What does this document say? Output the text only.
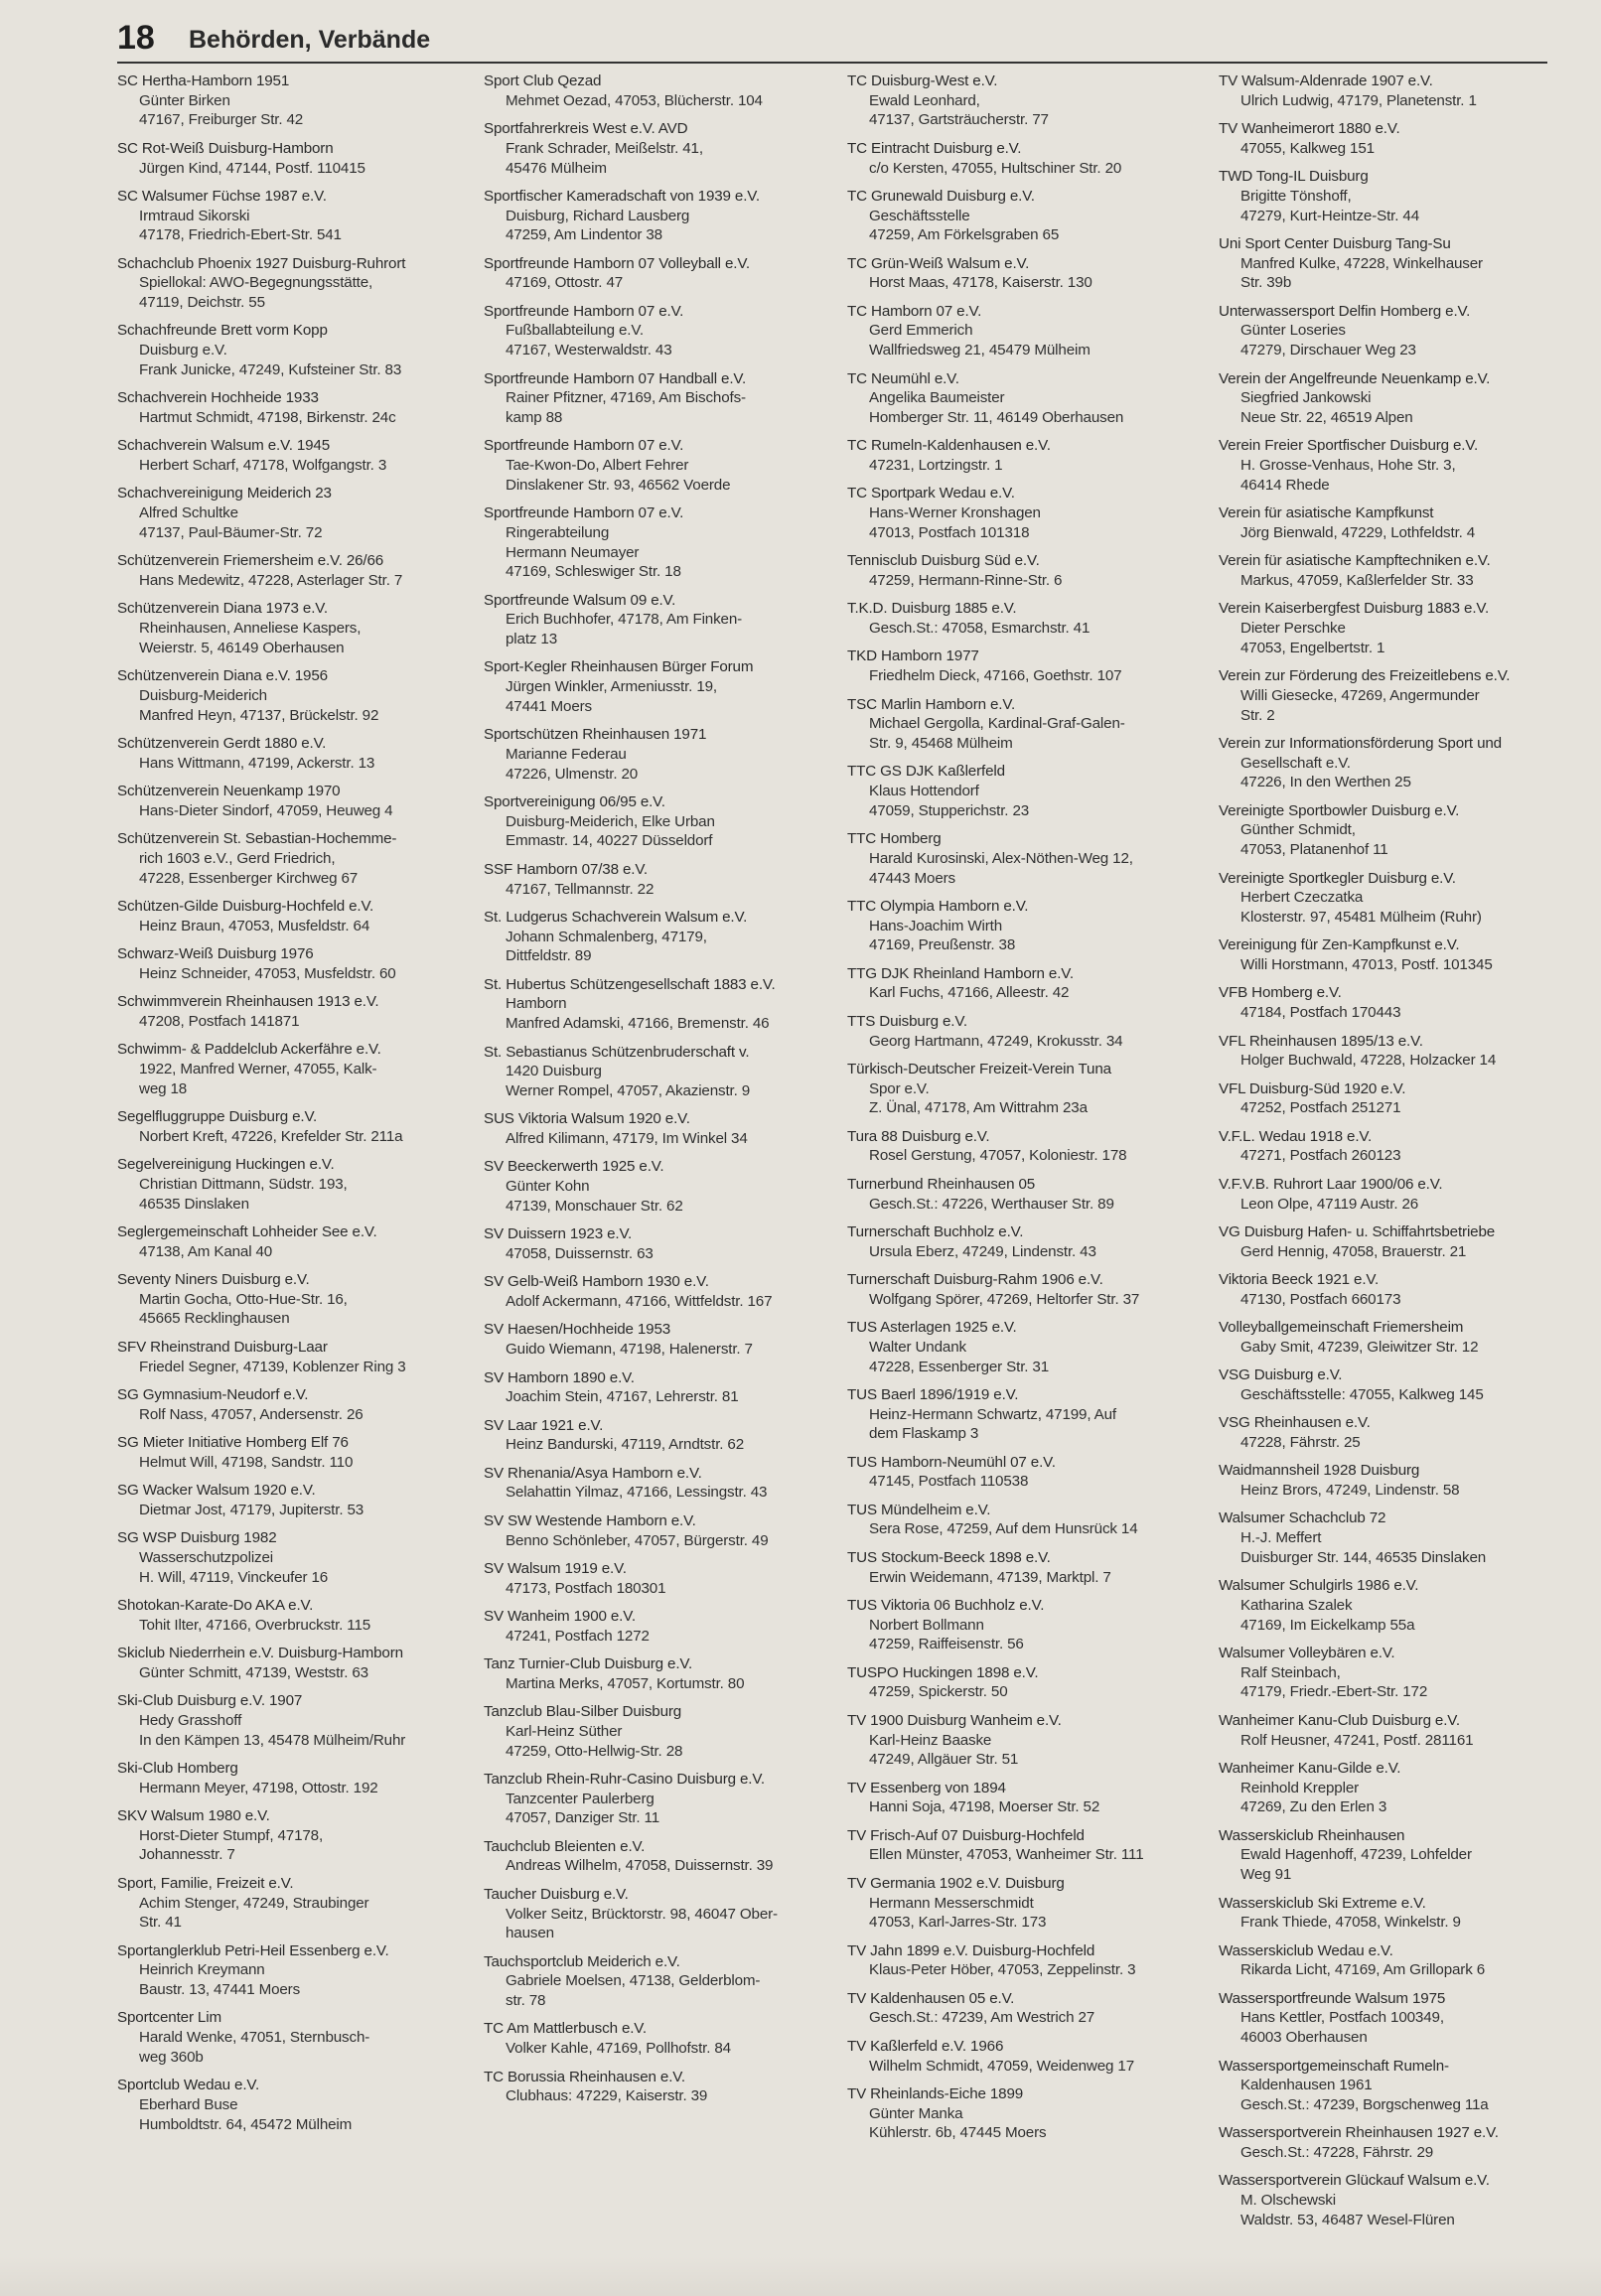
18 Behörden, Verbände
SC Hertha-Hamborn 1951
Günter Birken
47167, Freiburger Str. 42
SC Rot-Weiß Duisburg-Hamborn
Jürgen Kind, 47144, Postf. 110415
SC Walsumer Füchse 1987 e.V.
Irmtraud Sikorski
47178, Friedrich-Ebert-Str. 541
Schachclub Phoenix 1927 Duisburg-Ruhrort
Spiellokal: AWO-Begegnungsstätte,
47119, Deichstr. 55
Schachfreunde Brett vorm Kopp
Duisburg e.V.
Frank Junicke, 47249, Kufsteiner Str. 83
Schachverein Hochheide 1933
Hartmut Schmidt, 47198, Birkenstr. 24c
Schachverein Walsum e.V. 1945
Herbert Scharf, 47178, Wolfgangstr. 3
Schachvereinigung Meiderich 23
Alfred Schultke
47137, Paul-Bäumer-Str. 72
Schützenverein Friemersheim e.V. 26/66
Hans Medewitz, 47228, Asterlager Str. 7
Schützenverein Diana 1973 e.V.
Rheinhausen, Anneliese Kaspers,
Weierstr. 5, 46149 Oberhausen
Schützenverein Diana e.V. 1956
Duisburg-Meiderich
Manfred Heyn, 47137, Brückelstr. 92
Schützenverein Gerdt 1880 e.V.
Hans Wittmann, 47199, Ackerstr. 13
Schützenverein Neuenkamp 1970
Hans-Dieter Sindorf, 47059, Heuweg 4
Schützenverein St. Sebastian-Hochemme-
rich 1603 e.V., Gerd Friedrich,
47228, Essenberger Kirchweg 67
Schützen-Gilde Duisburg-Hochfeld e.V.
Heinz Braun, 47053, Musfeldstr. 64
Schwarz-Weiß Duisburg 1976
Heinz Schneider, 47053, Musfeldstr. 60
Schwimmverein Rheinhausen 1913 e.V.
47208, Postfach 141871
Schwimm- & Paddelclub Ackerfähre e.V.
1922, Manfred Werner, 47055, Kalk-
weg 18
Segelfluggruppe Duisburg e.V.
Norbert Kreft, 47226, Krefelder Str. 211a
Segelvereinigung Huckingen e.V.
Christian Dittmann, Südstr. 193,
46535 Dinslaken
Seglergemeinschaft Lohheider See e.V.
47138, Am Kanal 40
Seventy Niners Duisburg e.V.
Martin Gocha, Otto-Hue-Str. 16,
45665 Recklinghausen
SFV Rheinstrand Duisburg-Laar
Friedel Segner, 47139, Koblenzer Ring 3
SG Gymnasium-Neudorf e.V.
Rolf Nass, 47057, Andersenstr. 26
SG Mieter Initiative Homberg Elf 76
Helmut Will, 47198, Sandstr. 110
SG Wacker Walsum 1920 e.V.
Dietmar Jost, 47179, Jupiterstr. 53
SG WSP Duisburg 1982
Wasserschutzpolizei
H. Will, 47119, Vinckeufer 16
Shotokan-Karate-Do AKA e.V.
Tohit Ilter, 47166, Overbruckstr. 115
Skiclub Niederrhein e.V. Duisburg-Hamborn
Günter Schmitt, 47139, Weststr. 63
Ski-Club Duisburg e.V. 1907
Hedy Grasshoff
In den Kämpen 13, 45478 Mülheim/Ruhr
Ski-Club Homberg
Hermann Meyer, 47198, Ottostr. 192
SKV Walsum 1980 e.V.
Horst-Dieter Stumpf, 47178,
Johannesstr. 7
Sport, Familie, Freizeit e.V.
Achim Stenger, 47249, Straubinger
Str. 41
Sportanglerklub Petri-Heil Essenberg e.V.
Heinrich Kreymann
Baustr. 13, 47441 Moers
Sportcenter Lim
Harald Wenke, 47051, Sternbusch-
weg 360b
Sportclub Wedau e.V.
Eberhard Buse
Humboldtstr. 64, 45472 Mülheim
Sport Club Qezad
Mehmet Oezad, 47053, Blücherstr. 104
Sportfahrerkreis West e.V. AVD
Frank Schrader, Meißelstr. 41,
45476 Mülheim
Sportfischer Kameradschaft von 1939 e.V.
Duisburg, Richard Lausberg
47259, Am Lindentor 38
Sportfreunde Hamborn 07 Volleyball e.V.
47169, Ottostr. 47
Sportfreunde Hamborn 07 e.V.
Fußballabteilung e.V.
47167, Westerwaldstr. 43
Sportfreunde Hamborn 07 Handball e.V.
Rainer Pfitzner, 47169, Am Bischofs-
kamp 88
Sportfreunde Hamborn 07 e.V.
Tae-Kwon-Do, Albert Fehrer
Dinslakener Str. 93, 46562 Voerde
Sportfreunde Hamborn 07 e.V.
Ringerabteilung
Hermann Neumayer
47169, Schleswiger Str. 18
Sportfreunde Walsum 09 e.V.
Erich Buchhofer, 47178, Am Finken-
platz 13
Sport-Kegler Rheinhausen Bürger Forum
Jürgen Winkler, Armeniusstr. 19,
47441 Moers
Sportschützen Rheinhausen 1971
Marianne Federau
47226, Ulmenstr. 20
Sportvereinigung 06/95 e.V.
Duisburg-Meiderich, Elke Urban
Emmastr. 14, 40227 Düsseldorf
SSF Hamborn 07/38 e.V.
47167, Tellmannstr. 22
St. Ludgerus Schachverein Walsum e.V.
Johann Schmalenberg, 47179,
Dittfeldstr. 89
St. Hubertus Schützengesellschaft 1883 e.V.
Hamborn
Manfred Adamski, 47166, Bremenstr. 46
St. Sebastianus Schützenbruderschaft v.
1420 Duisburg
Werner Rompel, 47057, Akazienstr. 9
SUS Viktoria Walsum 1920 e.V.
Alfred Kilimann, 47179, Im Winkel 34
SV Beeckerwerth 1925 e.V.
Günter Kohn
47139, Monschauer Str. 62
SV Duissern 1923 e.V.
47058, Duissernstr. 63
SV Gelb-Weiß Hamborn 1930 e.V.
Adolf Ackermann, 47166, Wittfeldstr. 167
SV Haesen/Hochheide 1953
Guido Wiemann, 47198, Halenerstr. 7
SV Hamborn 1890 e.V.
Joachim Stein, 47167, Lehrerstr. 81
SV Laar 1921 e.V.
Heinz Bandurski, 47119, Arndtstr. 62
SV Rhenania/Asya Hamborn e.V.
Selahattin Yilmaz, 47166, Lessingstr. 43
SV SW Westende Hamborn e.V.
Benno Schönleber, 47057, Bürgerstr. 49
SV Walsum 1919 e.V.
47173, Postfach 180301
SV Wanheim 1900 e.V.
47241, Postfach 1272
Tanz Turnier-Club Duisburg e.V.
Martina Merks, 47057, Kortumstr. 80
Tanzclub Blau-Silber Duisburg
Karl-Heinz Süther
47259, Otto-Hellwig-Str. 28
Tanzclub Rhein-Ruhr-Casino Duisburg e.V.
Tanzcenter Paulerberg
47057, Danziger Str. 11
Tauchclub Bleienten e.V.
Andreas Wilhelm, 47058, Duissernstr. 39
Taucher Duisburg e.V.
Volker Seitz, Brücktorstr. 98, 46047 Ober-
hausen
Tauchsportclub Meiderich e.V.
Gabriele Moelsen, 47138, Gelderblom-
str. 78
TC Am Mattlerbusch e.V.
Volker Kahle, 47169, Pollhofstr. 84
TC Borussia Rheinhausen e.V.
Clubhaus: 47229, Kaiserstr. 39
TC Duisburg-West e.V.
Ewald Leonhard,
47137, Gartsträucherstr. 77
TC Eintracht Duisburg e.V.
c/o Kersten, 47055, Hultschiner Str. 20
TC Grunewald Duisburg e.V.
Geschäftsstelle
47259, Am Förkelsgraben 65
TC Grün-Weiß Walsum e.V.
Horst Maas, 47178, Kaiserstr. 130
TC Hamborn 07 e.V.
Gerd Emmerich
Wallfriedsweg 21, 45479 Mülheim
TC Neumühl e.V.
Angelika Baumeister
Homberger Str. 11, 46149 Oberhausen
TC Rumeln-Kaldenhausen e.V.
47231, Lortzingstr. 1
TC Sportpark Wedau e.V.
Hans-Werner Kronshagen
47013, Postfach 101318
Tennisclub Duisburg Süd e.V.
47259, Hermann-Rinne-Str. 6
T.K.D. Duisburg 1885 e.V.
Gesch.St.: 47058, Esmarchstr. 41
TKD Hamborn 1977
Friedhelm Dieck, 47166, Goethstr. 107
TSC Marlin Hamborn e.V.
Michael Gergolla, Kardinal-Graf-Galen-
Str. 9, 45468 Mülheim
TTC GS DJK Kaßlerfeld
Klaus Hottendorf
47059, Stupperichstr. 23
TTC Homberg
Harald Kurosinski, Alex-Nöthen-Weg 12,
47443 Moers
TTC Olympia Hamborn e.V.
Hans-Joachim Wirth
47169, Preußenstr. 38
TTG DJK Rheinland Hamborn e.V.
Karl Fuchs, 47166, Alleestr. 42
TTS Duisburg e.V.
Georg Hartmann, 47249, Krokusstr. 34
Türkisch-Deutscher Freizeit-Verein Tuna
Spor e.V.
Z. Ünal, 47178, Am Wittrahm 23a
Tura 88 Duisburg e.V.
Rosel Gerstung, 47057, Koloniestr. 178
Turnerbund Rheinhausen 05
Gesch.St.: 47226, Werthauser Str. 89
Turnerschaft Buchholz e.V.
Ursula Eberz, 47249, Lindenstr. 43
Turnerschaft Duisburg-Rahm 1906 e.V.
Wolfgang Spörer, 47269, Heltorfer Str. 37
TUS Asterlagen 1925 e.V.
Walter Undank
47228, Essenberger Str. 31
TUS Baerl 1896/1919 e.V.
Heinz-Hermann Schwartz, 47199, Auf
dem Flaskamp 3
TUS Hamborn-Neumühl 07 e.V.
47145, Postfach 110538
TUS Mündelheim e.V.
Sera Rose, 47259, Auf dem Hunsrück 14
TUS Stockum-Beeck 1898 e.V.
Erwin Weidemann, 47139, Marktpl. 7
TUS Viktoria 06 Buchholz e.V.
Norbert Bollmann
47259, Raiffeisenstr. 56
TUSPO Huckingen 1898 e.V.
47259, Spickerstr. 50
TV 1900 Duisburg Wanheim e.V.
Karl-Heinz Baaske
47249, Allgäuer Str. 51
TV Essenberg von 1894
Hanni Soja, 47198, Moerser Str. 52
TV Frisch-Auf 07 Duisburg-Hochfeld
Ellen Münster, 47053, Wanheimer Str. 111
TV Germania 1902 e.V. Duisburg
Hermann Messerschmidt
47053, Karl-Jarres-Str. 173
TV Jahn 1899 e.V. Duisburg-Hochfeld
Klaus-Peter Höber, 47053, Zeppelinstr. 3
TV Kaldenhausen 05 e.V.
Gesch.St.: 47239, Am Westrich 27
TV Kaßlerfeld e.V. 1966
Wilhelm Schmidt, 47059, Weidenweg 17
TV Rheinlands-Eiche 1899
Günter Manka
Kühlerstr. 6b, 47445 Moers
TV Walsum-Aldenrade 1907 e.V.
Ulrich Ludwig, 47179, Planetenstr. 1
TV Wanheimerort 1880 e.V.
47055, Kalkweg 151
TWD Tong-IL Duisburg
Brigitte Tönshoff,
47279, Kurt-Heintze-Str. 44
Uni Sport Center Duisburg Tang-Su
Manfred Kulke, 47228, Winkelhauser
Str. 39b
Unterwassersport Delfin Homberg e.V.
Günter Loseries
47279, Dirschauer Weg 23
Verein der Angelfreunde Neuenkamp e.V.
Siegfried Jankowski
Neue Str. 22, 46519 Alpen
Verein Freier Sportfischer Duisburg e.V.
H. Grosse-Venhaus, Hohe Str. 3,
46414 Rhede
Verein für asiatische Kampfkunst
Jörg Bienwald, 47229, Lothfeldstr. 4
Verein für asiatische Kampftechniken e.V.
Markus, 47059, Kaßlerfelder Str. 33
Verein Kaiserbergfest Duisburg 1883 e.V.
Dieter Perschke
47053, Engelbertstr. 1
Verein zur Förderung des Freizeitlebens e.V.
Willi Giesecke, 47269, Angermunder
Str. 2
Verein zur Informationsförderung Sport und
Gesellschaft e.V.
47226, In den Werthen 25
Vereinigte Sportbowler Duisburg e.V.
Günther Schmidt,
47053, Platanenhof 11
Vereinigte Sportkegler Duisburg e.V.
Herbert Czeczatka
Klosterstr. 97, 45481 Mülheim (Ruhr)
Vereinigung für Zen-Kampfkunst e.V.
Willi Horstmann, 47013, Postf. 101345
VFB Homberg e.V.
47184, Postfach 170443
VFL Rheinhausen 1895/13 e.V.
Holger Buchwald, 47228, Holzacker 14
VFL Duisburg-Süd 1920 e.V.
47252, Postfach 251271
V.F.L. Wedau 1918 e.V.
47271, Postfach 260123
V.F.V.B. Ruhrort Laar 1900/06 e.V.
Leon Olpe, 47119 Austr. 26
VG Duisburg Hafen- u. Schiffahrtsbetriebe
Gerd Hennig, 47058, Brauerstr. 21
Viktoria Beeck 1921 e.V.
47130, Postfach 660173
Volleyballgemeinschaft Friemersheim
Gaby Smit, 47239, Gleiwitzer Str. 12
VSG Duisburg e.V.
Geschäftsstelle: 47055, Kalkweg 145
VSG Rheinhausen e.V.
47228, Fährstr. 25
Waidmannsheil 1928 Duisburg
Heinz Brors, 47249, Lindenstr. 58
Walsumer Schachclub 72
H.-J. Meffert
Duisburger Str. 144, 46535 Dinslaken
Walsumer Schulgirls 1986 e.V.
Katharina Szalek
47169, Im Eickelkamp 55a
Walsumer Volleybären e.V.
Ralf Steinbach,
47179, Friedr.-Ebert-Str. 172
Wanheimer Kanu-Club Duisburg e.V.
Rolf Heusner, 47241, Postf. 281161
Wanheimer Kanu-Gilde e.V.
Reinhold Kreppler
47269, Zu den Erlen 3
Wasserskiclub Rheinhausen
Ewald Hagenhoff, 47239, Lohfelder
Weg 91
Wasserskiclub Ski Extreme e.V.
Frank Thiede, 47058, Winkelstr. 9
Wasserskiclub Wedau e.V.
Rikarda Licht, 47169, Am Grillopark 6
Wassersportfreunde Walsum 1975
Hans Kettler, Postfach 100349,
46003 Oberhausen
Wassersportgemeinschaft Rumeln-
Kaldenhausen 1961
Gesch.St.: 47239, Borgschenweg 11a
Wassersportverein Rheinhausen 1927 e.V.
Gesch.St.: 47228, Fährstr. 29
Wassersportverein Glückauf Walsum e.V.
M. Olschewski
Waldstr. 53, 46487 Wesel-Flüren
